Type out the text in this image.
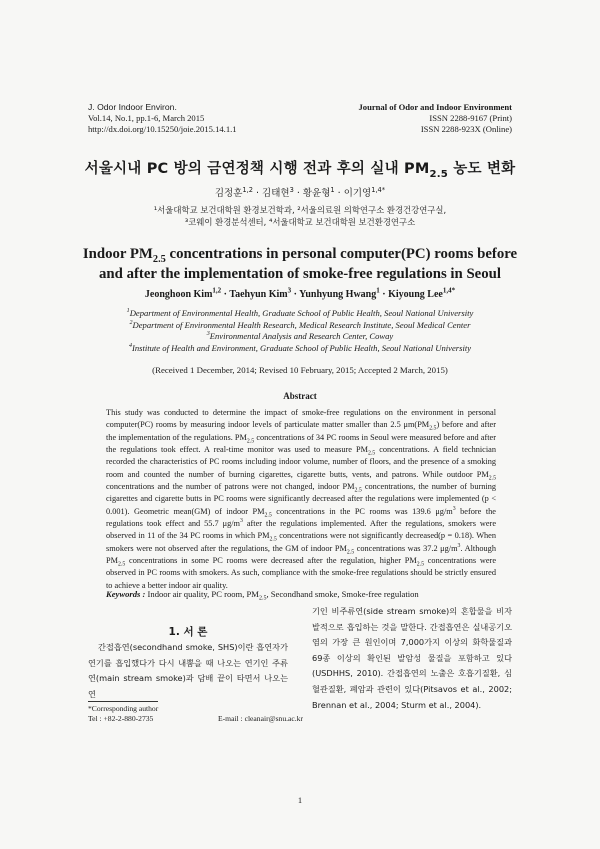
J. Odor Indoor Environ.
Vol.14, No.1, pp.1-6, March 2015
http://dx.doi.org/10.15250/joie.2015.14.1.1
Journal of Odor and Indoor Environment
ISSN 2288-9167 (Print)
ISSN 2288-923X (Online)
서울시내 PC 방의 금연정책 시행 전과 후의 실내 $PM_{2.5}$ 농도 변화
김정훈$^{1,2}$ · 김태현$^3$ · 황윤형$^1$ · 이기영$^{1,4*}$
¹서울대학교 보건대학원 환경보건학과, ²서울의료원 의학연구소 환경건강연구실,
³코웨이 환경분석센터, ⁴서울대학교 보건대학원 보건환경연구소
Indoor $PM_{2.5}$ concentrations in personal computer(PC) rooms before
and after the implementation of smoke-free regulations in Seoul
Jeonghoon Kim$^{1,2}$ · Taehyun Kim$^3$ · Yunhyung Hwang$^1$ · Kiyoung Lee$^{1,4*}$
$^1$Department of Environmental Health, Graduate School of Public Health, Seoul National University
$^2$Department of Environmental Health Research, Medical Research Institute, Seoul Medical Center
$^3$Environmental Analysis and Research Center, Coway
$^4$Institute of Health and Environment, Graduate School of Public Health, Seoul National University
(Received 1 December, 2014; Revised 10 February, 2015; Accepted 2 March, 2015)
Abstract
This study was conducted to determine the impact of smoke-free regulations on the environment in personal computer(PC) rooms by measuring indoor levels of particulate matter smaller than 2.5 $\mu m(PM_{2.5})$ before and after the implementation of the regulations. $PM_{2.5}$ concentrations of 34 PC rooms in Seoul were measured before and after the regulations took effect. A real-time monitor was used to measure $PM_{2.5}$ concentrations. A field technician recorded the characteristics of PC rooms including indoor volume, number of floors, and the presence of a smoking room and counted the number of burning cigarettes, cigarette butts, vents, and patrons. While outdoor $PM_{2.5}$ concentrations and the number of patrons were not changed, indoor $PM_{2.5}$ concentrations, the number of burning cigarettes and cigarette butts in PC rooms were significantly decreased after the regulations were implemented (p < 0.001). Geometric mean(GM) of indoor $PM_{2.5}$ concentrations in the PC rooms was 139.6 $\mu g/m^3$ before the regulations took effect and 55.7 $\mu g/m^3$ after the regulations implemented. After the regulations, smokers were observed in 11 of the 34 PC rooms in which $PM_{2.5}$ concentrations were not significantly decreased(p = 0.18). When smokers were not observed after the regulations, the GM of indoor $PM_{2.5}$ concentrations was 37.2 $\mu g/m^3$. Although $PM_{2.5}$ concentrations in some PC rooms were decreased after the regulation, higher $PM_{2.5}$ concentrations were observed in PC rooms with smokers. As such, compliance with the smoke-free regulations should be strictly ensured to achieve a better indoor air quality.
Keywords : Indoor air quality, PC room, $PM_{2.5}$, Secondhand smoke, Smoke-free regulation
1. 서 론
간접흡연(secondhand smoke, SHS)이란 흡연자가 연기를 흡입했다가 다시 내뿜을 때 나오는 연기인 주류연(main stream smoke)과 담배 끝이 타면서 나오는 연
기인 비주류연(side stream smoke)의 혼합물을 비자발적으로 흡입하는 것을 말한다. 간접흡연은 실내공기오염의 가장 큰 원인이며 7,000가지 이상의 화학물질과 69종 이상의 확인된 발암성 물질을 포함하고 있다(USDHHS, 2010). 간접흡연의 노출은 호흡기질환, 심혈관질환, 폐암과 관련이 있다(Pitsavos et al., 2002; Brennan et al., 2004; Sturm et al., 2004).
*Corresponding author
Tel : +82-2-880-2735	E-mail : cleanair@snu.ac.kr
1
